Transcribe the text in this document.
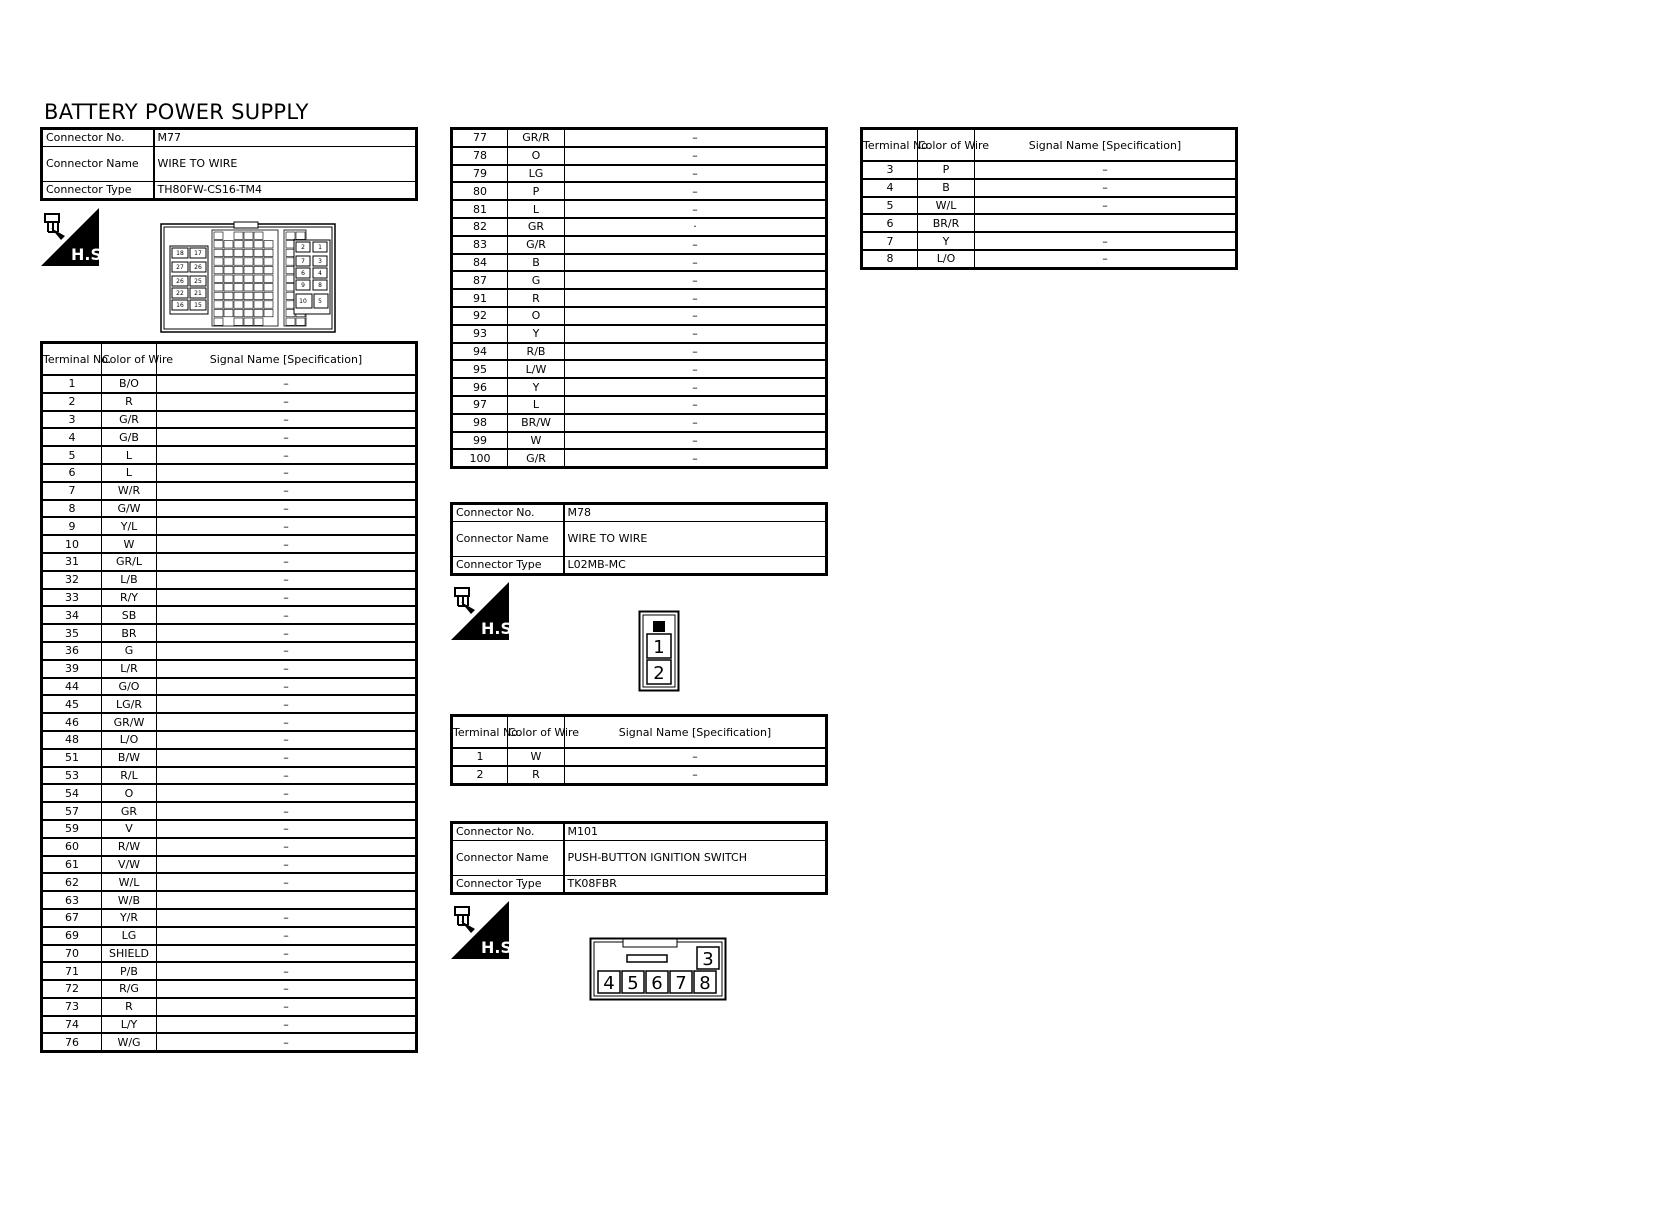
BATTERY POWER SUPPLY
Connector No.	M77
Connector Name	WIRE TO WIRE
Connector Type	TH80FW-CS16-TM4
H.S.	18 17
27 26
26 25
22 21
16 15
2 1
7 3
6 4
9 8
10 5
Terminal No.	Color of Wire	Signal Name [Specification]
1	B/O	–
2	R	–
3	G/R	–
4	G/B	–
5	L	–
6	L	–
7	W/R	–
8	G/W	–
9	Y/L	–
10	W	–
31	GR/L	–
32	L/B	–
33	R/Y	–
34	SB	–
35	BR	–
36	G	–
39	L/R	–
44	G/O	–
45	LG/R	–
46	GR/W	–
48	L/O	–
51	B/W	–
53	R/L	–
54	O	–
57	GR	–
59	V	–
60	R/W	–
61	V/W	–
62	W/L	–
63	W/B	
67	Y/R	–
69	LG	–
70	SHIELD	–
71	P/B	–
72	R/G	–
73	R	–
74	L/Y	–
76	W/G	–
77	GR/R	–
78	O	–
79	LG	–
80	P	–
81	L	–
82	GR	·
83	G/R	–
84	B	–
87	G	–
91	R	–
92	O	–
93	Y	–
94	R/B	–
95	L/W	–
96	Y	–
97	L	–
98	BR/W	–
99	W	–
100	G/R	–
Connector No.	M78
Connector Name	WIRE TO WIRE
Connector Type	L02MB-MC
H.S.
1
2
Terminal No.	Color of Wire	Signal Name [Specification]
1	W	–
2	R	–
Connector No.	M101
Connector Name	PUSH-BUTTON IGNITION SWITCH
Connector Type	TK08FBR
H.S.
3
4 5 6 7 8
Terminal No.	Color of Wire	Signal Name [Specification]
3	P	–
4	B	–
5	W/L	–
6	BR/R	
7	Y	–
8	L/O	–
